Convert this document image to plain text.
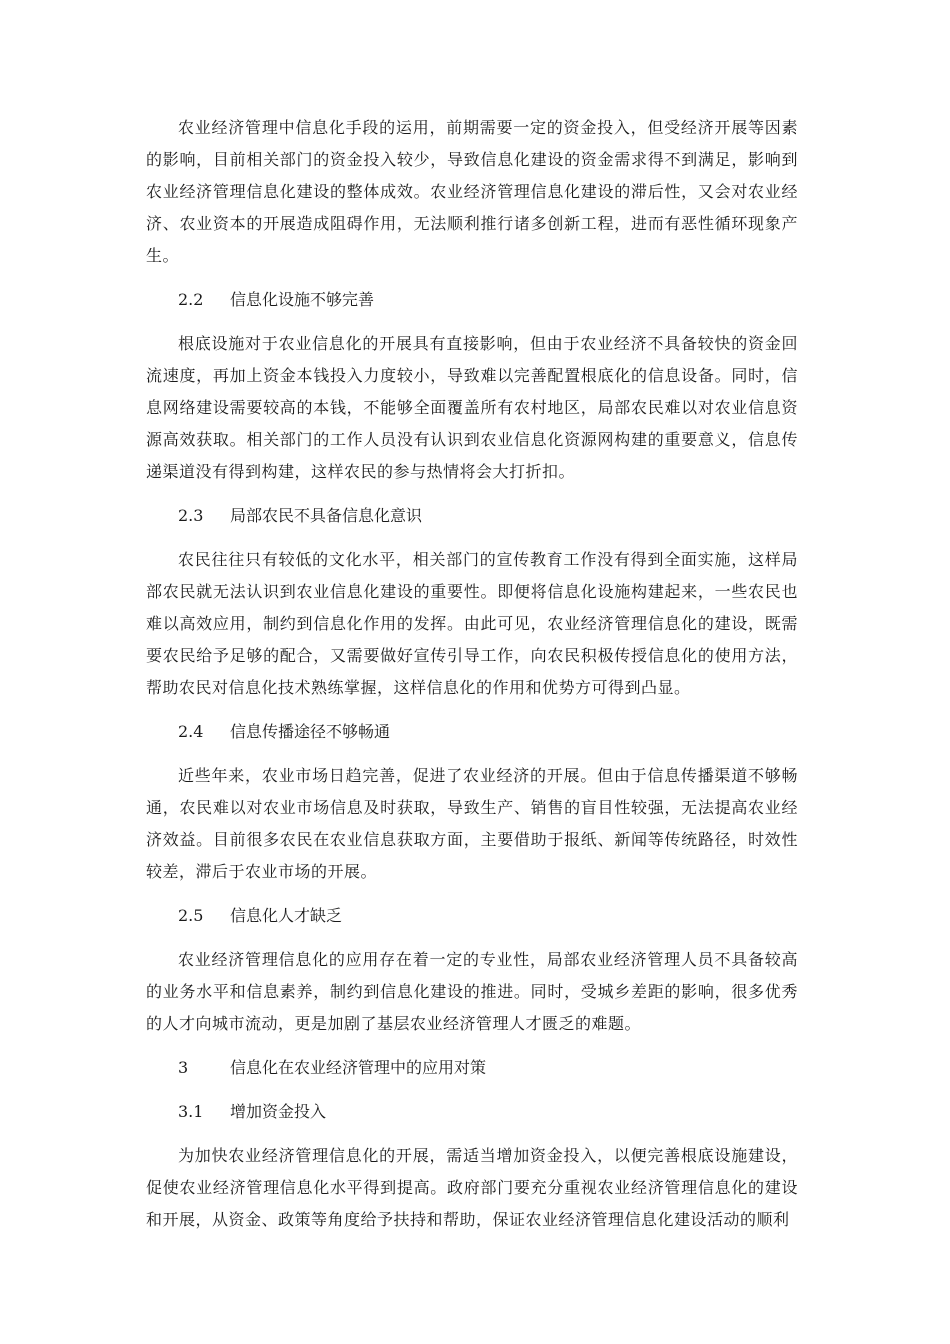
农业经济管理中信息化手段的运用，前期需要一定的资金投入，但受经济开展等因素的影响，目前相关部门的资金投入较少，导致信息化建设的资金需求得不到满足，影响到农业经济管理信息化建设的整体成效。农业经济管理信息化建设的滞后性，又会对农业经济、农业资本的开展造成阻碍作用，无法顺利推行诸多创新工程，进而有恶性循环现象产生。

2.2 信息化设施不够完善

根底设施对于农业信息化的开展具有直接影响，但由于农业经济不具备较快的资金回流速度，再加上资金本钱投入力度较小，导致难以完善配置根底化的信息设备。同时，信息网络建设需要较高的本钱，不能够全面覆盖所有农村地区，局部农民难以对农业信息资源高效获取。相关部门的工作人员没有认识到农业信息化资源网构建的重要意义，信息传递渠道没有得到构建，这样农民的参与热情将会大打折扣。

2.3 局部农民不具备信息化意识

农民往往只有较低的文化水平，相关部门的宣传教育工作没有得到全面实施，这样局部农民就无法认识到农业信息化建设的重要性。即便将信息化设施构建起来，一些农民也难以高效应用，制约到信息化作用的发挥。由此可见，农业经济管理信息化的建设，既需要农民给予足够的配合，又需要做好宣传引导工作，向农民积极传授信息化的使用方法，帮助农民对信息化技术熟练掌握，这样信息化的作用和优势方可得到凸显。

2.4 信息传播途径不够畅通

近些年来，农业市场日趋完善，促进了农业经济的开展。但由于信息传播渠道不够畅通，农民难以对农业市场信息及时获取，导致生产、销售的盲目性较强，无法提高农业经济效益。目前很多农民在农业信息获取方面，主要借助于报纸、新闻等传统路径，时效性较差，滞后于农业市场的开展。

2.5 信息化人才缺乏

农业经济管理信息化的应用存在着一定的专业性，局部农业经济管理人员不具备较高的业务水平和信息素养，制约到信息化建设的推进。同时，受城乡差距的影响，很多优秀的人才向城市流动，更是加剧了基层农业经济管理人才匮乏的难题。

3	信息化在农业经济管理中的应用对策
3.1 增加资金投入

为加快农业经济管理信息化的开展，需适当增加资金投入，以便完善根底设施建设，促使农业经济管理信息化水平得到提高。政府部门要充分重视农业经济管理信息化的建设和开展，从资金、政策等角度给予扶持和帮助，保证农业经济管理信息化建设活动的顺利
